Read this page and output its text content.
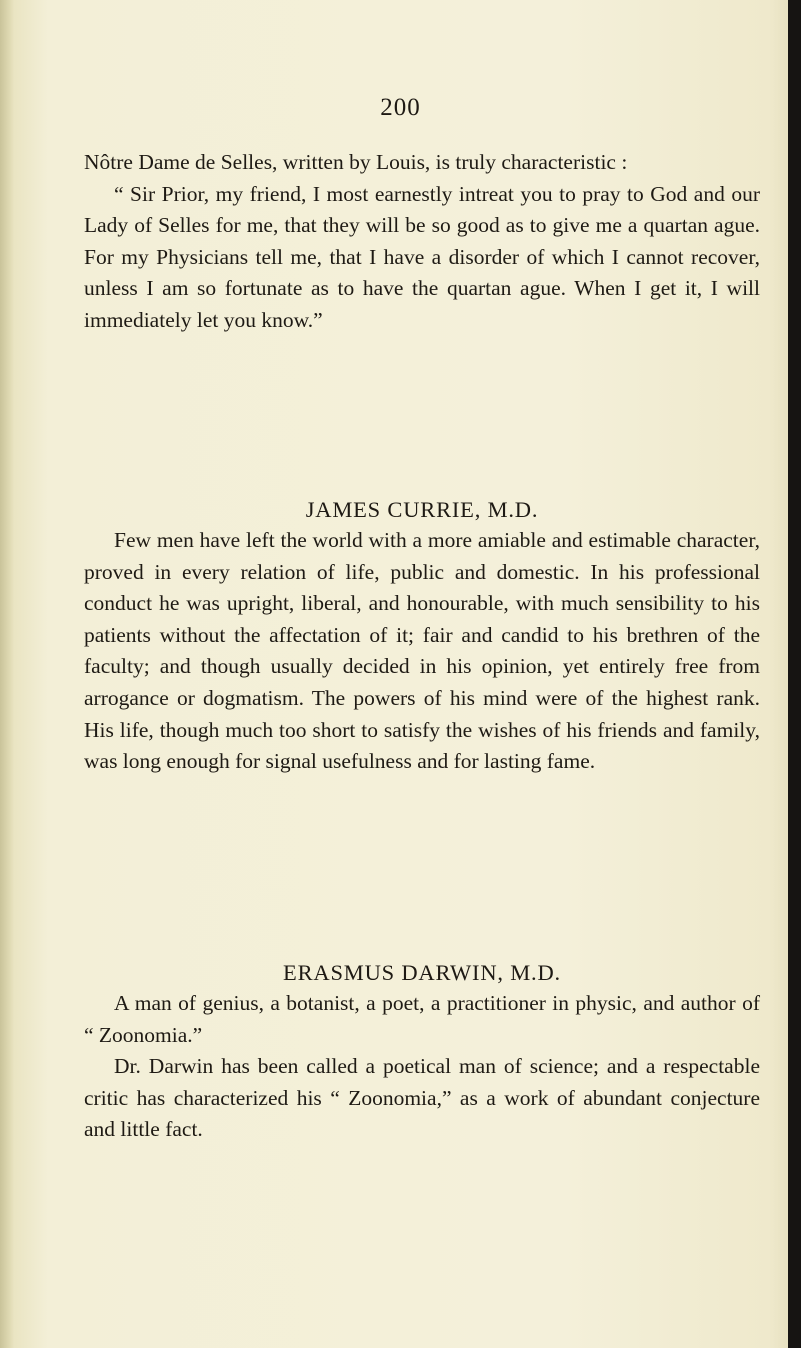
200

Nôtre Dame de Selles, written by Louis, is truly characteristic :

“ Sir Prior, my friend, I most earnestly intreat you to pray to God and our Lady of Selles for me, that they will be so good as to give me a quartan ague. For my Physicians tell me, that I have a disorder of which I cannot recover, unless I am so fortunate as to have the quartan ague. When I get it, I will immediately let you know.”

JAMES CURRIE, M.D.

Few men have left the world with a more amiable and estimable character, proved in every relation of life, public and domestic. In his professional conduct he was upright, liberal, and honourable, with much sensibility to his patients without the affectation of it; fair and candid to his brethren of the faculty; and though usually decided in his opinion, yet entirely free from arrogance or dogmatism. The powers of his mind were of the highest rank. His life, though much too short to satisfy the wishes of his friends and family, was long enough for signal usefulness and for lasting fame.

ERASMUS DARWIN, M.D.

A man of genius, a botanist, a poet, a practitioner in physic, and author of “ Zoonomia.”

Dr. Darwin has been called a poetical man of science; and a respectable critic has characterized his “ Zoonomia,” as a work of abundant conjecture and little fact.
